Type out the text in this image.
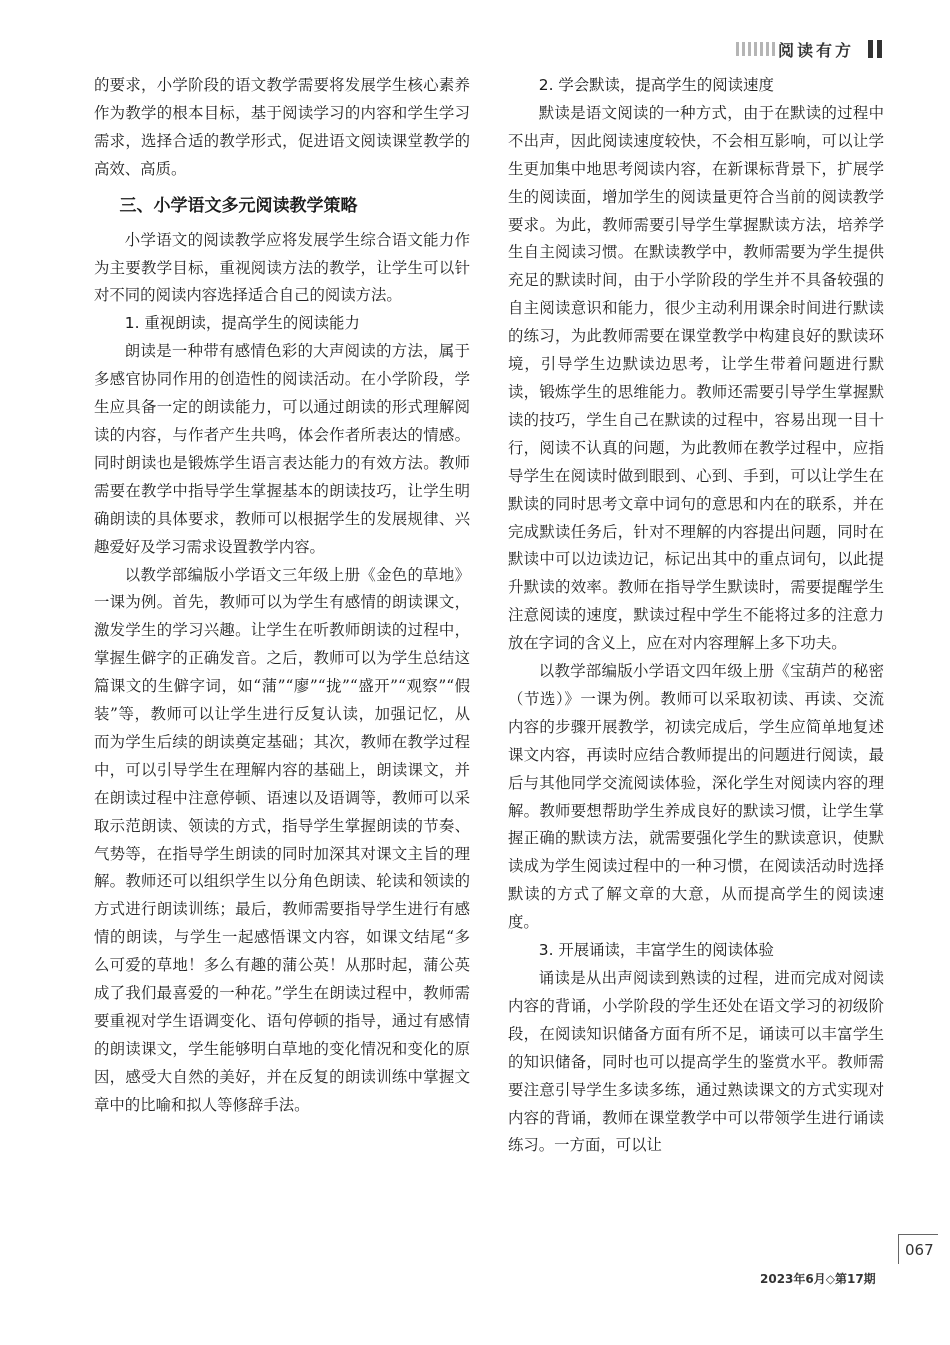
阅读有方

的要求，小学阶段的语文教学需要将发展学生核心素养作为教学的根本目标，基于阅读学习的内容和学生学习需求，选择合适的教学形式，促进语文阅读课堂教学的高效、高质。

三、小学语文多元阅读教学策略

小学语文的阅读教学应将发展学生综合语文能力作为主要教学目标，重视阅读方法的教学，让学生可以针对不同的阅读内容选择适合自己的阅读方法。

1. 重视朗读，提高学生的阅读能力

朗读是一种带有感情色彩的大声阅读的方法，属于多感官协同作用的创造性的阅读活动。在小学阶段，学生应具备一定的朗读能力，可以通过朗读的形式理解阅读的内容，与作者产生共鸣，体会作者所表达的情感。同时朗读也是锻炼学生语言表达能力的有效方法。教师需要在教学中指导学生掌握基本的朗读技巧，让学生明确朗读的具体要求，教师可以根据学生的发展规律、兴趣爱好及学习需求设置教学内容。

以教学部编版小学语文三年级上册《金色的草地》一课为例。首先，教师可以为学生有感情的朗读课文，激发学生的学习兴趣。让学生在听教师朗读的过程中，掌握生僻字的正确发音。之后，教师可以为学生总结这篇课文的生僻字词，如“蒲”“廖”“拢”“盛开”“观察”“假装”等，教师可以让学生进行反复认读，加强记忆，从而为学生后续的朗读奠定基础；其次，教师在教学过程中，可以引导学生在理解内容的基础上，朗读课文，并在朗读过程中注意停顿、语速以及语调等，教师可以采取示范朗读、领读的方式，指导学生掌握朗读的节奏、气势等，在指导学生朗读的同时加深其对课文主旨的理解。教师还可以组织学生以分角色朗读、轮读和领读的方式进行朗读训练；最后，教师需要指导学生进行有感情的朗读，与学生一起感悟课文内容，如课文结尾“多么可爱的草地！多么有趣的蒲公英！从那时起，蒲公英成了我们最喜爱的一种花。”学生在朗读过程中，教师需要重视对学生语调变化、语句停顿的指导，通过有感情的朗读课文，学生能够明白草地的变化情况和变化的原因，感受大自然的美好，并在反复的朗读训练中掌握文章中的比喻和拟人等修辞手法。

2. 学会默读，提高学生的阅读速度

默读是语文阅读的一种方式，由于在默读的过程中不出声，因此阅读速度较快，不会相互影响，可以让学生更加集中地思考阅读内容，在新课标背景下，扩展学生的阅读面，增加学生的阅读量更符合当前的阅读教学要求。为此，教师需要引导学生掌握默读方法，培养学生自主阅读习惯。在默读教学中，教师需要为学生提供充足的默读时间，由于小学阶段的学生并不具备较强的自主阅读意识和能力，很少主动利用课余时间进行默读的练习，为此教师需要在课堂教学中构建良好的默读环境，引导学生边默读边思考，让学生带着问题进行默读，锻炼学生的思维能力。教师还需要引导学生掌握默读的技巧，学生自己在默读的过程中，容易出现一目十行，阅读不认真的问题，为此教师在教学过程中，应指导学生在阅读时做到眼到、心到、手到，可以让学生在默读的同时思考文章中词句的意思和内在的联系，并在完成默读任务后，针对不理解的内容提出问题，同时在默读中可以边读边记，标记出其中的重点词句，以此提升默读的效率。教师在指导学生默读时，需要提醒学生注意阅读的速度，默读过程中学生不能将过多的注意力放在字词的含义上，应在对内容理解上多下功夫。

以教学部编版小学语文四年级上册《宝葫芦的秘密（节选）》一课为例。教师可以采取初读、再读、交流内容的步骤开展教学，初读完成后，学生应简单地复述课文内容，再读时应结合教师提出的问题进行阅读，最后与其他同学交流阅读体验，深化学生对阅读内容的理解。教师要想帮助学生养成良好的默读习惯，让学生掌握正确的默读方法，就需要强化学生的默读意识，使默读成为学生阅读过程中的一种习惯，在阅读活动时选择默读的方式了解文章的大意，从而提高学生的阅读速度。

3. 开展诵读，丰富学生的阅读体验

诵读是从出声阅读到熟读的过程，进而完成对阅读内容的背诵，小学阶段的学生还处在语文学习的初级阶段，在阅读知识储备方面有所不足，诵读可以丰富学生的知识储备，同时也可以提高学生的鉴赏水平。教师需要注意引导学生多读多练，通过熟读课文的方式实现对内容的背诵，教师在课堂教学中可以带领学生进行诵读练习。一方面，可以让

067
2023年6月◇第17期
